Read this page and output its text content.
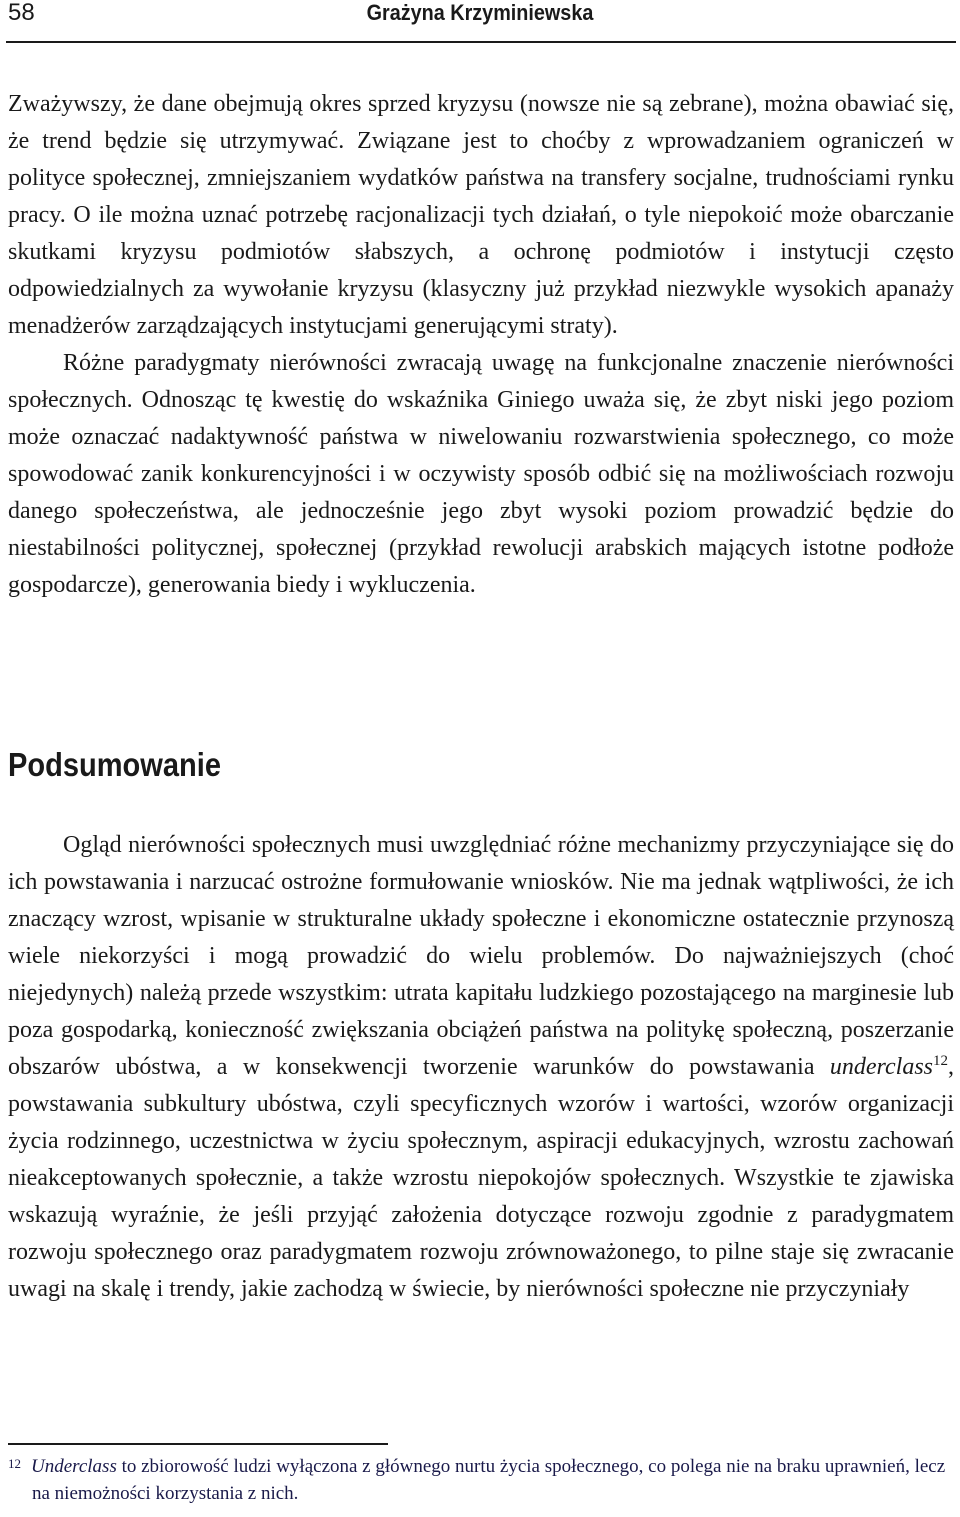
58	Grażyna Krzyminiewska

Zważywszy, że dane obejmują okres sprzed kryzysu (nowsze nie są zebrane), można obawiać się, że trend będzie się utrzymywać. Związane jest to choćby z wprowadzaniem ograniczeń w polityce społecznej, zmniejszaniem wydatków państwa na transfery socjalne, trudnościami rynku pracy. O ile można uznać potrzebę racjonalizacji tych działań, o tyle niepokoić może obarczanie skutkami kryzysu podmiotów słabszych, a ochronę podmiotów i instytucji często odpowiedzialnych za wywołanie kryzysu (klasyczny już przykład niezwykle wysokich apanaży menadżerów zarządzających instytucjami generującymi straty).

Różne paradygmaty nierówności zwracają uwagę na funkcjonalne znaczenie nierówności społecznych. Odnosząc tę kwestię do wskaźnika Giniego uważa się, że zbyt niski jego poziom może oznaczać nadaktywność państwa w niwelowaniu rozwarstwienia społecznego, co może spowodować zanik konkurencyjności i w oczywisty sposób odbić się na możliwościach rozwoju danego społeczeństwa, ale jednocześnie jego zbyt wysoki poziom prowadzić będzie do niestabilności politycznej, społecznej (przykład rewolucji arabskich mających istotne podłoże gospodarcze), generowania biedy i wykluczenia.

Podsumowanie

Ogląd nierówności społecznych musi uwzględniać różne mechanizmy przyczyniające się do ich powstawania i narzucać ostrożne formułowanie wniosków. Nie ma jednak wątpliwości, że ich znaczący wzrost, wpisanie w strukturalne układy społeczne i ekonomiczne ostatecznie przynoszą wiele niekorzyści i mogą prowadzić do wielu problemów. Do najważniejszych (choć niejedynych) należą przede wszystkim: utrata kapitału ludzkiego pozostającego na marginesie lub poza gospodarką, konieczność zwiększania obciążeń państwa na politykę społeczną, poszerzanie obszarów ubóstwa, a w konsekwencji tworzenie warunków do powstawania underclass$^{12}$, powstawania subkultury ubóstwa, czyli specyficznych wzorów i wartości, wzorów organizacji życia rodzinnego, uczestnictwa w życiu społecznym, aspiracji edukacyjnych, wzrostu zachowań nieakceptowanych społecznie, a także wzrostu niepokojów społecznych. Wszystkie te zjawiska wskazują wyraźnie, że jeśli przyjąć założenia dotyczące rozwoju zgodnie z paradygmatem rozwoju społecznego oraz paradygmatem rozwoju zrównoważonego, to pilne staje się zwracanie uwagi na skalę i trendy, jakie zachodzą w świecie, by nierówności społeczne nie przyczyniały

$^{12}$ Underclass to zbiorowość ludzi wyłączona z głównego nurtu życia społecznego, co polega nie na braku uprawnień, lecz na niemożności korzystania z nich.
